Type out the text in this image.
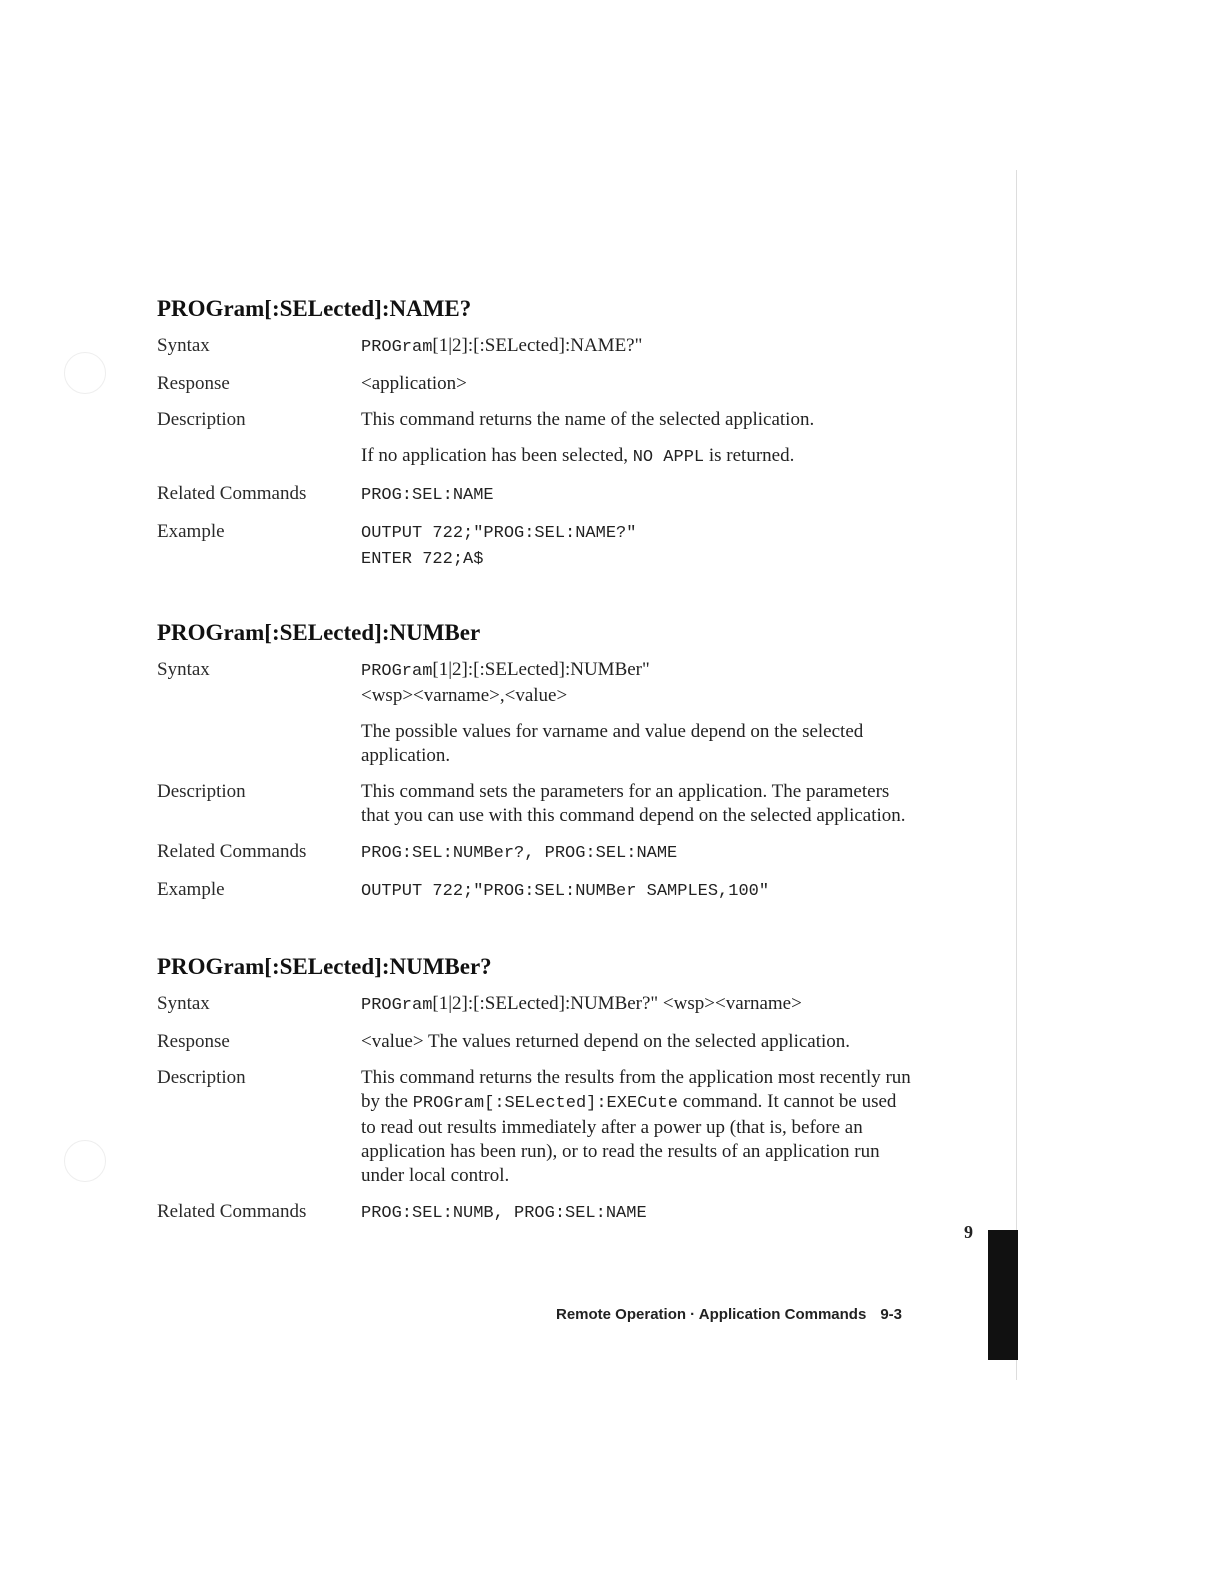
PROGram[:SELected]:NAME?
Syntax	PROGram[1|2]:[:SELected]:NAME?"

Response	<application>

Description	This command returns the name of the selected application.

If no application has been selected, NO APPL is returned.

Related Commands	PROG:SEL:NAME

Example	OUTPUT 722;"PROG:SEL:NAME?"
ENTER 722;A$

PROGram[:SELected]:NUMBer
Syntax	PROGram[1|2]:[:SELected]:NUMBer"
<wsp><varname>,<value>

The possible values for varname and value depend on the selected application.

Description	This command sets the parameters for an application. The parameters that you can use with this command depend on the selected application.

Related Commands	PROG:SEL:NUMBer?, PROG:SEL:NAME

Example	OUTPUT 722;"PROG:SEL:NUMBer SAMPLES,100"

PROGram[:SELected]:NUMBer?
Syntax	PROGram[1|2]:[:SELected]:NUMBer?" <wsp><varname>

Response	<value> The values returned depend on the selected application.

Description	This command returns the results from the application most recently run by the PROGram[:SELected]:EXECute command. It cannot be used to read out results immediately after a power up (that is, before an application has been run), or to read the results of an application run under local control.

Related Commands	PROG:SEL:NUMB, PROG:SEL:NAME

9
Remote Operation · Application Commands 9-3
